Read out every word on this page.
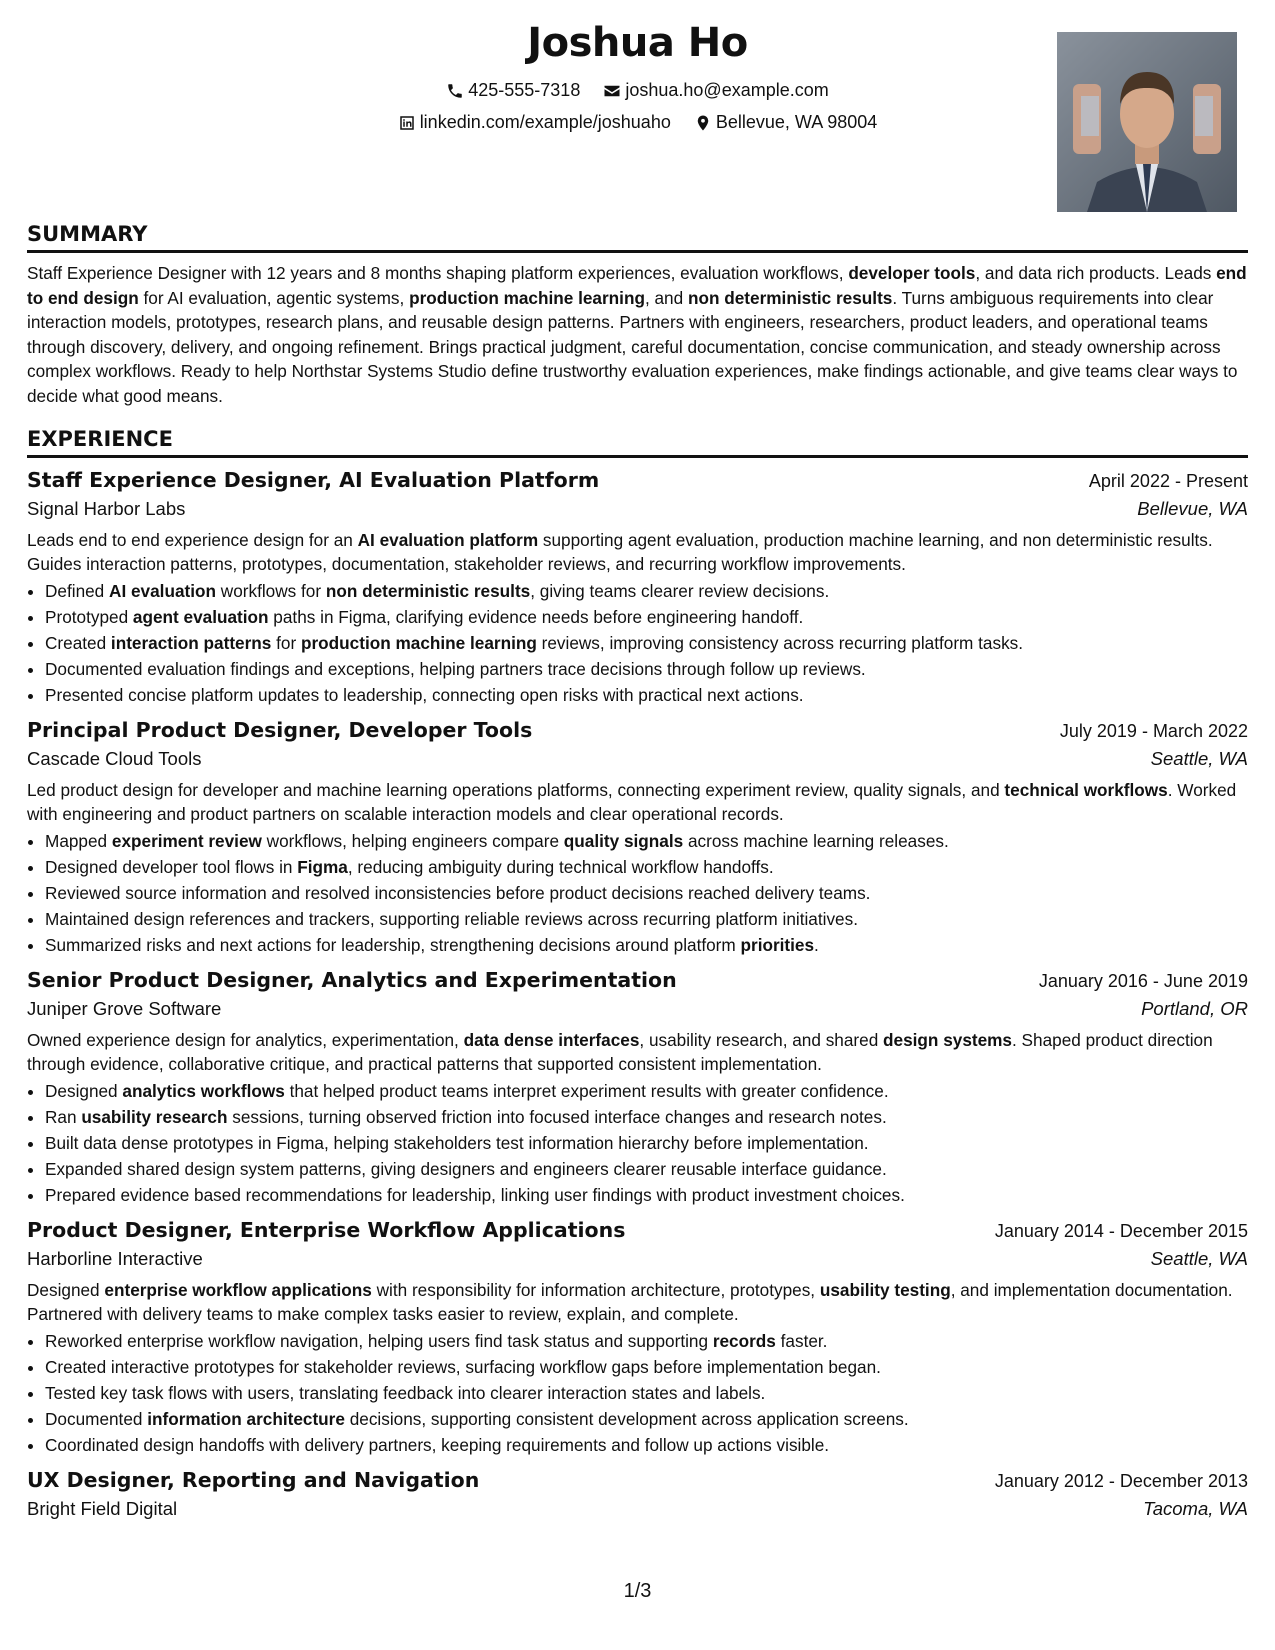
Joshua Ho
425-555-7318
	joshua.ho@example.com
linkedin.com/example/joshuaho
	Bellevue, WA 98004
SUMMARY

Staff Experience Designer with 12 years and 8 months shaping platform experiences, evaluation workflows, developer tools, and data rich products. Leads end to end design for AI evaluation, agentic systems, production machine learning, and non deterministic results. Turns ambiguous requirements into clear interaction models, prototypes, research plans, and reusable design patterns. Partners with engineers, researchers, product leaders, and operational teams through discovery, delivery, and ongoing refinement. Brings practical judgment, careful documentation, concise communication, and steady ownership across complex workflows. Ready to help Northstar Systems Studio define trustworthy evaluation experiences, make findings actionable, and give teams clear ways to decide what good means.

EXPERIENCE
Staff Experience Designer, AI Evaluation Platform	April 2022 - Present
Signal Harbor Labs	Bellevue, WA

Leads end to end experience design for an AI evaluation platform supporting agent evaluation, production machine learning, and non deterministic results. Guides interaction patterns, prototypes, documentation, stakeholder reviews, and recurring workflow improvements.

• Defined AI evaluation workflows for non deterministic results, giving teams clearer review decisions.
• Prototyped agent evaluation paths in Figma, clarifying evidence needs before engineering handoff.
• Created interaction patterns for production machine learning reviews, improving consistency across recurring platform tasks.
• Documented evaluation findings and exceptions, helping partners trace decisions through follow up reviews.
• Presented concise platform updates to leadership, connecting open risks with practical next actions.
Principal Product Designer, Developer Tools	July 2019 - March 2022
Cascade Cloud Tools	Seattle, WA

Led product design for developer and machine learning operations platforms, connecting experiment review, quality signals, and technical workflows. Worked with engineering and product partners on scalable interaction models and clear operational records.

• Mapped experiment review workflows, helping engineers compare quality signals across machine learning releases.
• Designed developer tool flows in Figma, reducing ambiguity during technical workflow handoffs.
• Reviewed source information and resolved inconsistencies before product decisions reached delivery teams.
• Maintained design references and trackers, supporting reliable reviews across recurring platform initiatives.
• Summarized risks and next actions for leadership, strengthening decisions around platform priorities.
Senior Product Designer, Analytics and Experimentation	January 2016 - June 2019
Juniper Grove Software	Portland, OR

Owned experience design for analytics, experimentation, data dense interfaces, usability research, and shared design systems. Shaped product direction through evidence, collaborative critique, and practical patterns that supported consistent implementation.

• Designed analytics workflows that helped product teams interpret experiment results with greater confidence.
• Ran usability research sessions, turning observed friction into focused interface changes and research notes.
• Built data dense prototypes in Figma, helping stakeholders test information hierarchy before implementation.
• Expanded shared design system patterns, giving designers and engineers clearer reusable interface guidance.
• Prepared evidence based recommendations for leadership, linking user findings with product investment choices.
Product Designer, Enterprise Workflow Applications	January 2014 - December 2015
Harborline Interactive	Seattle, WA

Designed enterprise workflow applications with responsibility for information architecture, prototypes, usability testing, and implementation documentation. Partnered with delivery teams to make complex tasks easier to review, explain, and complete.

• Reworked enterprise workflow navigation, helping users find task status and supporting records faster.
• Created interactive prototypes for stakeholder reviews, surfacing workflow gaps before implementation began.
• Tested key task flows with users, translating feedback into clearer interaction states and labels.
• Documented information architecture decisions, supporting consistent development across application screens.
• Coordinated design handoffs with delivery partners, keeping requirements and follow up actions visible.
UX Designer, Reporting and Navigation	January 2012 - December 2013
Bright Field Digital	Tacoma, WA
1/3
